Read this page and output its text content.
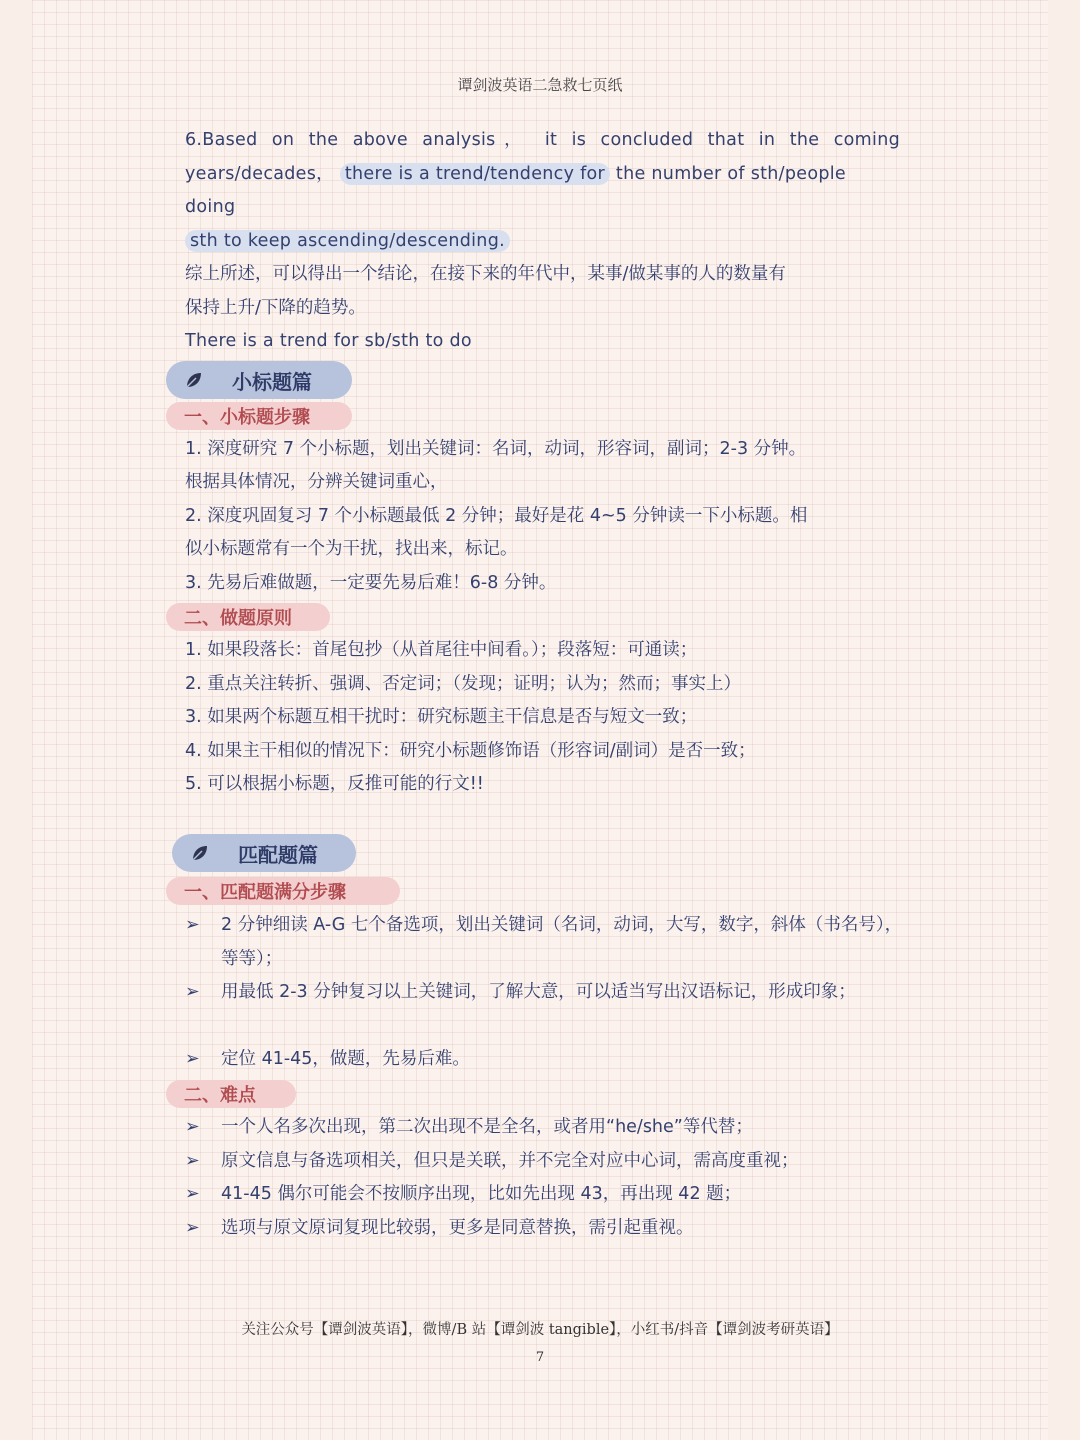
谭剑波英语二急救七页纸

6.Based on the above analysis， it is concluded that in the coming

years/decades， there is a trend/tendency for the number of sth/people doing

sth to keep ascending/descending.

综上所述，可以得出一个结论，在接下来的年代中，某事/做某事的人的数量有

保持上升/下降的趋势。

There is a trend for sb/sth to do

小标题篇
一、小标题步骤
1. 深度研究 7 个小标题，划出关键词：名词，动词，形容词，副词；2-3 分钟。
根据具体情况，分辨关键词重心，
2. 深度巩固复习 7 个小标题最低 2 分钟；最好是花 4~5 分钟读一下小标题。相
似小标题常有一个为干扰，找出来，标记。
3. 先易后难做题，一定要先易后难！6-8 分钟。
二、做题原则
1. 如果段落长：首尾包抄（从首尾往中间看。）；段落短：可通读；
2. 重点关注转折、强调、否定词；（发现；证明；认为；然而；事实上）
3. 如果两个标题互相干扰时：研究标题主干信息是否与短文一致；
4. 如果主干相似的情况下：研究小标题修饰语（形容词/副词）是否一致；
5. 可以根据小标题，反推可能的行文!!
匹配题篇
一、匹配题满分步骤
➢	2 分钟细读 A-G 七个备选项，划出关键词（名词，动词，大写，数字，斜体（书名号），等等）；
➢	用最低 2-3 分钟复习以上关键词，了解大意，可以适当写出汉语标记，形成印象；
➢	定位 41-45，做题，先易后难。
二、难点
➢	一个人名多次出现，第二次出现不是全名，或者用“he/she”等代替；
➢	原文信息与备选项相关，但只是关联，并不完全对应中心词，需高度重视；
➢	41-45 偶尔可能会不按顺序出现，比如先出现 43，再出现 42 题；
➢	选项与原文原词复现比较弱，更多是同意替换，需引起重视。
关注公众号【谭剑波英语】，微博/B 站【谭剑波 tangible】，小红书/抖音【谭剑波考研英语】
7
